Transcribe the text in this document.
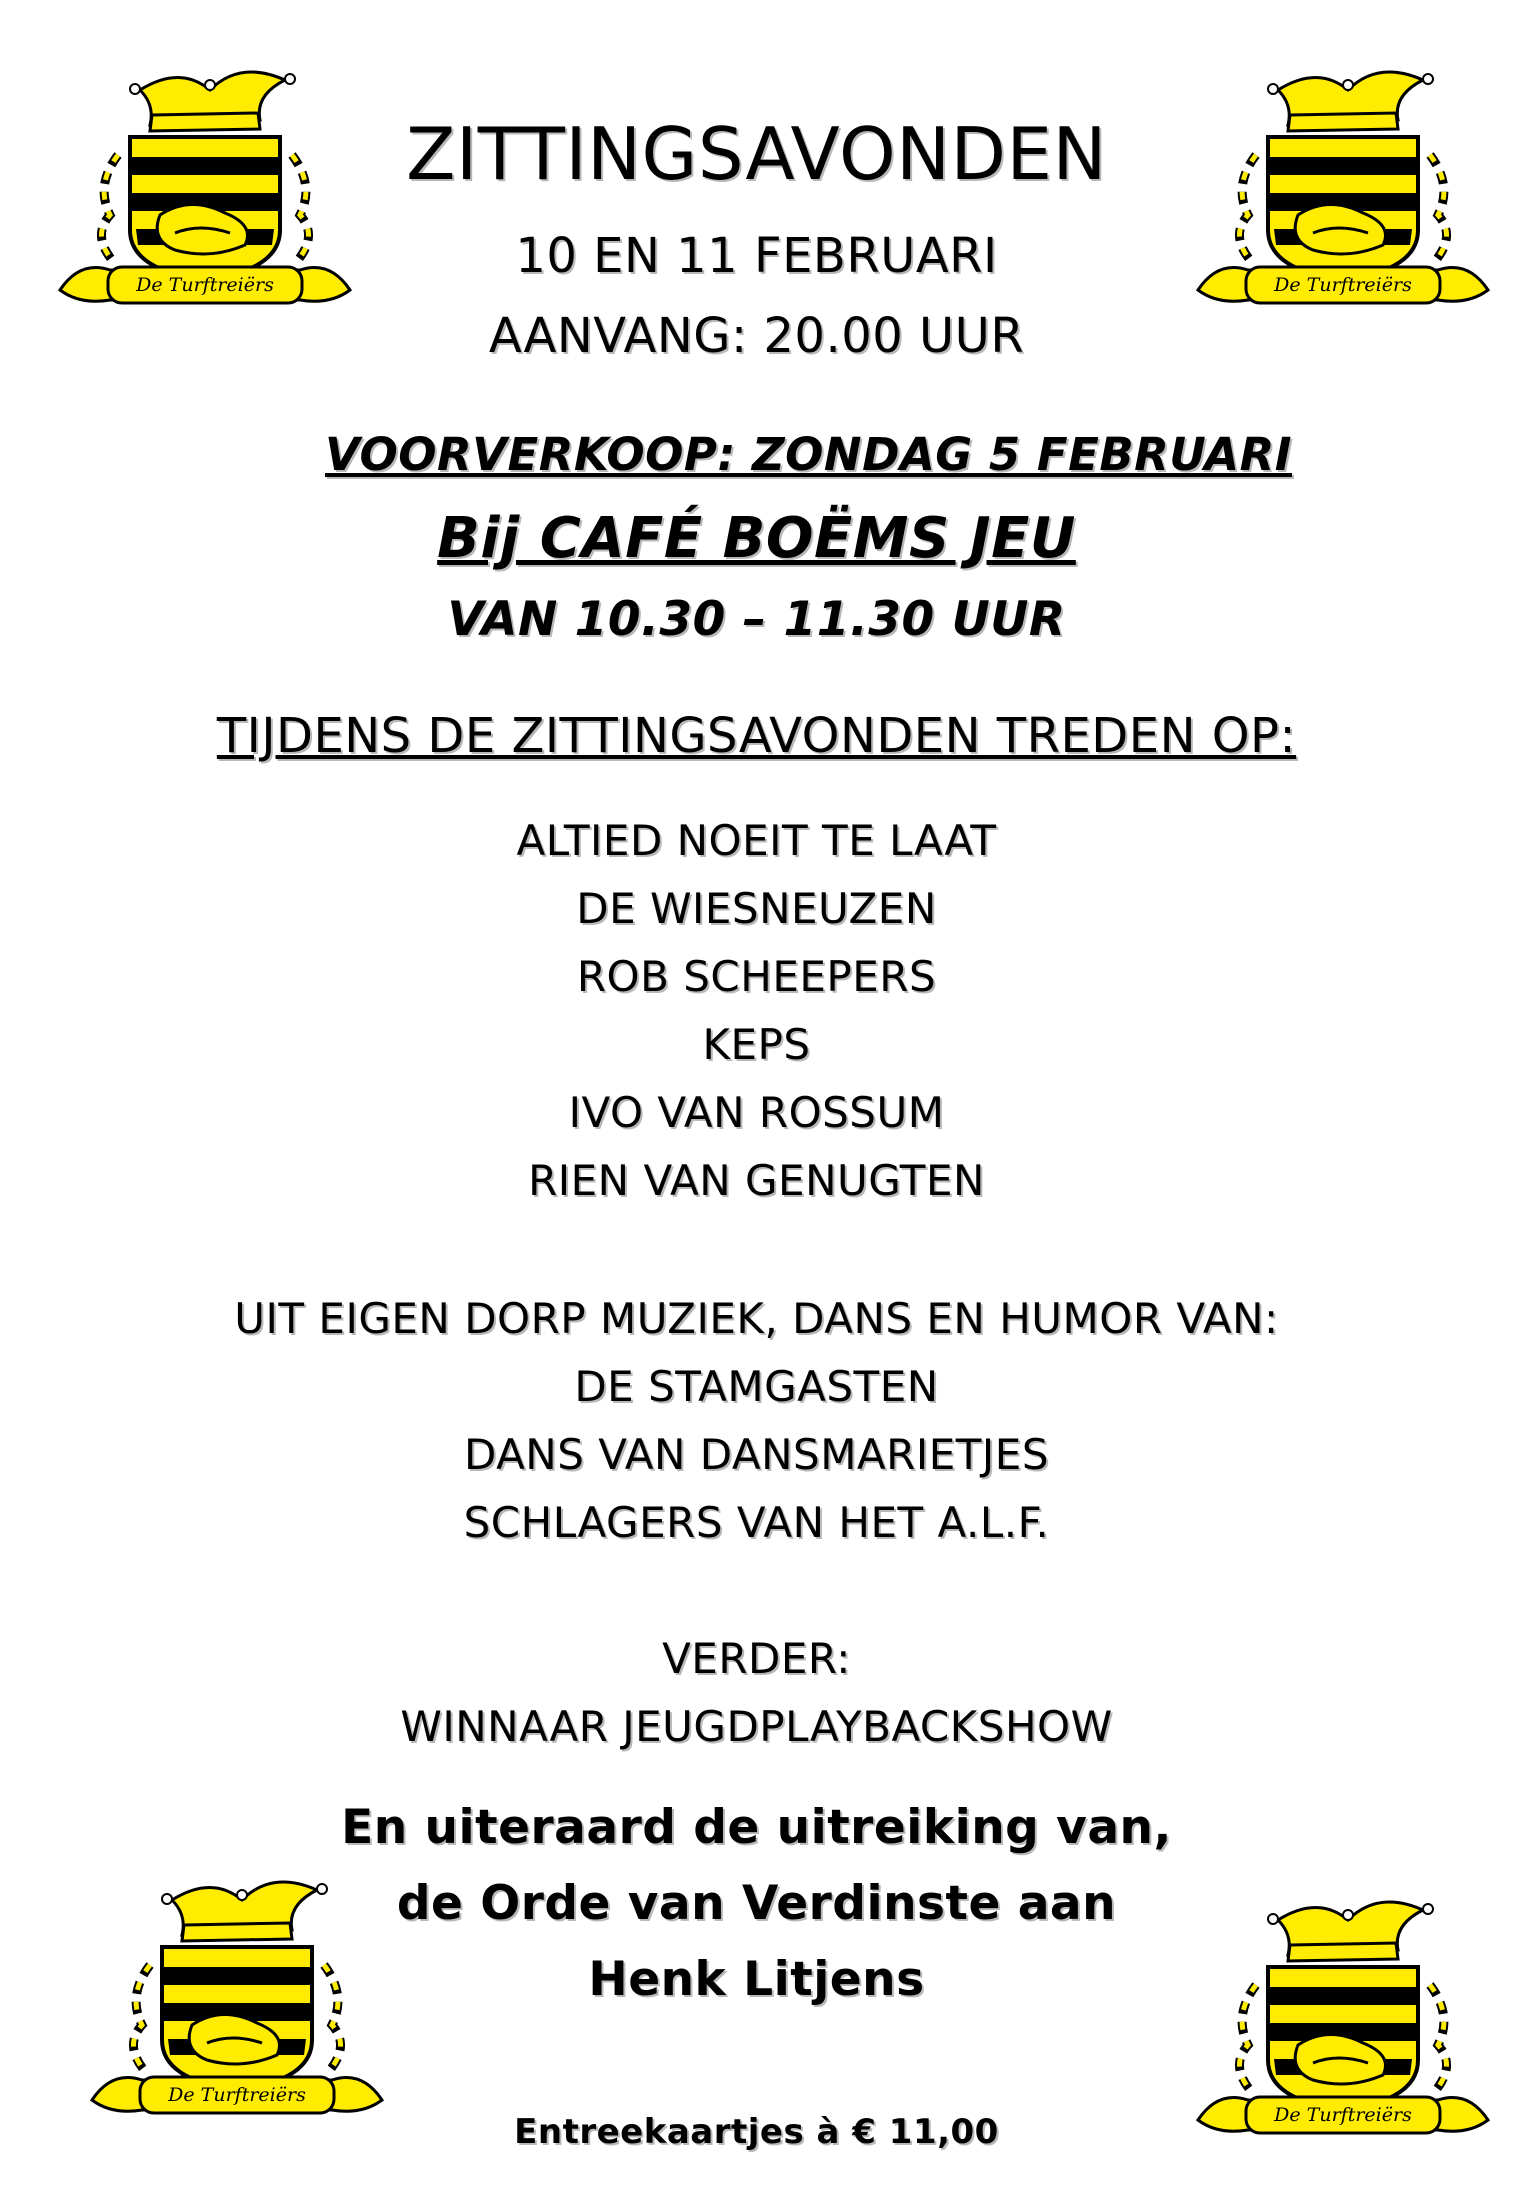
De Turftreiërs	De Turftreiërs
De Turftreiërs
De Turftreiërs
ZITTINGSAVONDEN
10 EN 11 FEBRUARI
AANVANG: 20.00 UUR
VOORVERKOOP: ZONDAG 5 FEBRUARI
Bij CAFÉ BOËMS JEU
VAN 10.30 – 11.30 UUR
TIJDENS DE ZITTINGSAVONDEN TREDEN OP:
ALTIED NOEIT TE LAAT
DE WIESNEUZEN
ROB SCHEEPERS
KEPS
IVO VAN ROSSUM
RIEN VAN GENUGTEN
UIT EIGEN DORP MUZIEK, DANS EN HUMOR VAN:
DE STAMGASTEN
DANS VAN DANSMARIETJES
SCHLAGERS VAN HET A.L.F.
VERDER:
WINNAAR JEUGDPLAYBACKSHOW
En uiteraard de uitreiking van,
de Orde van Verdinste aan
Henk Litjens
Entreekaartjes à € 11,00
